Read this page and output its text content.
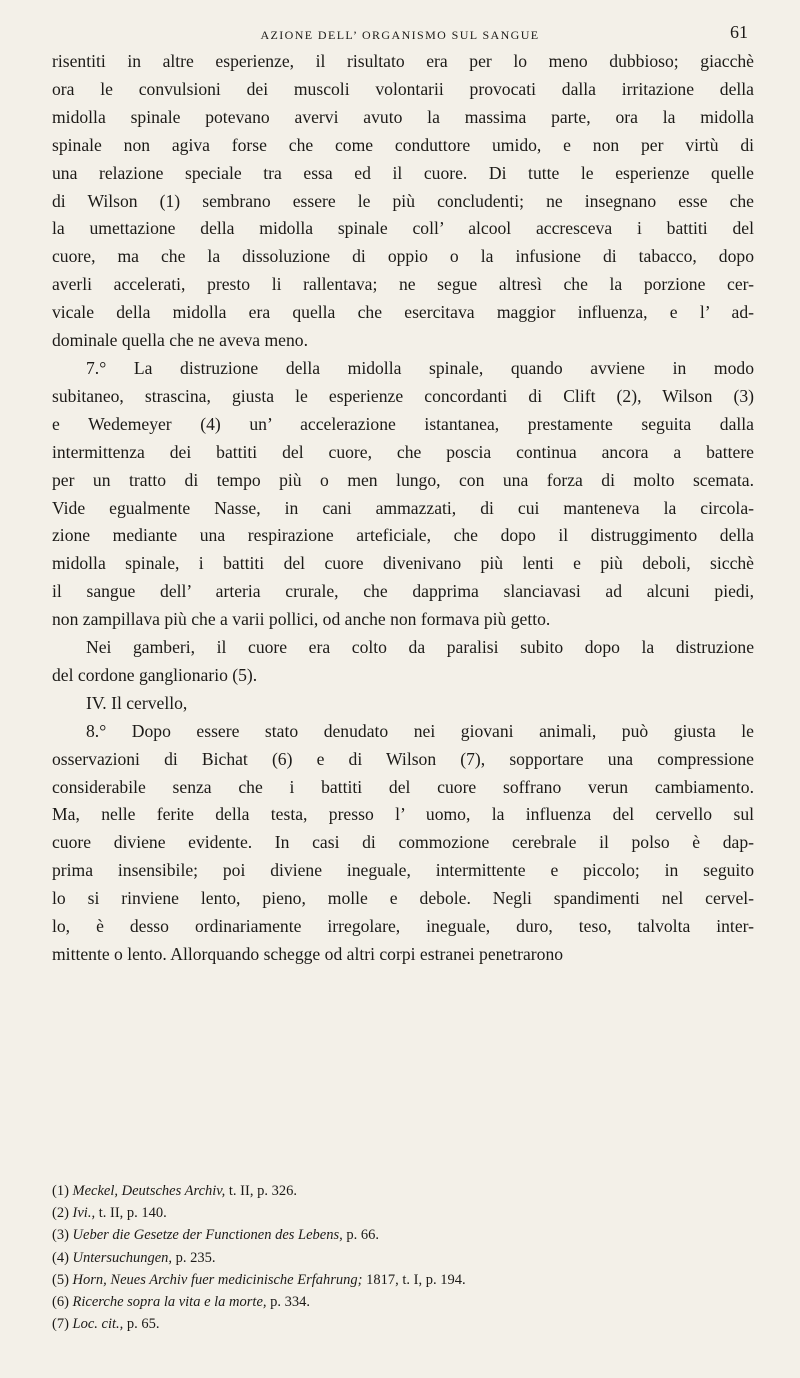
AZIONE DELL’ ORGANISMO SUL SANGUE	61

risentiti in altre esperienze, il risultato era per lo meno dubbioso; giacchè
ora le convulsioni dei muscoli volontarii provocati dalla irritazione della
midolla spinale potevano avervi avuto la massima parte, ora la midolla
spinale non agiva forse che come conduttore umido, e non per virtù di
una relazione speciale tra essa ed il cuore. Di tutte le esperienze quelle
di Wilson (1) sembrano essere le più concludenti; ne insegnano esse che
la umettazione della midolla spinale coll’ alcool accresceva i battiti del
cuore, ma che la dissoluzione di oppio o la infusione di tabacco, dopo
averli accelerati, presto li rallentava; ne segue altresì che la porzione cer-
vicale della midolla era quella che esercitava maggior influenza, e l’ ad-
dominale quella che ne aveva meno.

7.° La distruzione della midolla spinale, quando avviene in modo
subitaneo, strascina, giusta le esperienze concordanti di Clift (2), Wilson (3)
e Wedemeyer (4) un’ accelerazione istantanea, prestamente seguita dalla
intermittenza dei battiti del cuore, che poscia continua ancora a battere
per un tratto di tempo più o men lungo, con una forza di molto scemata.
Vide egualmente Nasse, in cani ammazzati, di cui manteneva la circola-
zione mediante una respirazione arteficiale, che dopo il distruggimento della
midolla spinale, i battiti del cuore divenivano più lenti e più deboli, sicchè
il sangue dell’ arteria crurale, che dapprima slanciavasi ad alcuni piedi,
non zampillava più che a varii pollici, od anche non formava più getto.

Nei gamberi, il cuore era colto da paralisi subito dopo la distruzione
del cordone ganglionario (5).

IV. Il cervello,

8.° Dopo essere stato denudato nei giovani animali, può giusta le
osservazioni di Bichat (6) e di Wilson (7), sopportare una compressione
considerabile senza che i battiti del cuore soffrano verun cambiamento.
Ma, nelle ferite della testa, presso l’ uomo, la influenza del cervello sul
cuore diviene evidente. In casi di commozione cerebrale il polso è dap-
prima insensibile; poi diviene ineguale, intermittente e piccolo; in seguito
lo si rinviene lento, pieno, molle e debole. Negli spandimenti nel cervel-
lo, è desso ordinariamente irregolare, ineguale, duro, teso, talvolta inter-
mittente o lento. Allorquando schegge od altri corpi estranei penetrarono

(1) Meckel, Deutsches Archiv, t. II, p. 326.
(2) Ivi., t. II, p. 140.
(3) Ueber die Gesetze der Functionen des Lebens, p. 66.
(4) Untersuchungen, p. 235.
(5) Horn, Neues Archiv fuer medicinische Erfahrung; 1817, t. I, p. 194.
(6) Ricerche sopra la vita e la morte, p. 334.
(7) Loc. cit., p. 65.
